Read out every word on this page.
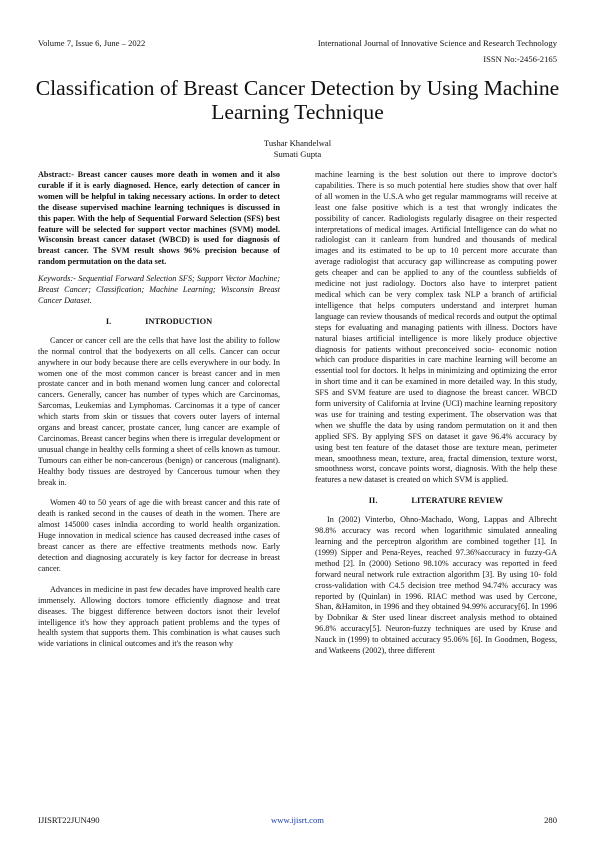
Volume 7, Issue 6, June – 2022	International Journal of Innovative Science and Research Technology
ISSN No:-2456-2165
Classification of Breast Cancer Detection by Using Machine Learning Technique
Tushar Khandelwal
Sumati Gupta

Abstract:- Breast cancer causes more death in women and it also curable if it is early diagnosed. Hence, early detection of cancer in women will be helpful in taking necessary actions. In order to detect the disease supervised machine learning techniques is discussed in this paper. With the help of Sequential Forward Selection (SFS) best feature will be selected for support vector machines (SVM) model. Wisconsin breast cancer dataset (WBCD) is used for diagnosis of breast cancer. The SVM result shows 96% precision because of random permutation on the data set.

Keywords:- Sequential Forward Selection SFS; Support Vector Machine; Breast Cancer; Classification; Machine Learning; Wisconsin Breast Cancer Dataset.

I.	INTRODUCTION

Cancer or cancer cell are the cells that have lost the ability to follow the normal control that the bodyexerts on all cells. Cancer can occur anywhere in our body because there are cells everywhere in our body. In women one of the most common cancer is breast cancer and in men prostate cancer and in both menand women lung cancer and colorectal cancers. Generally, cancer has number of types which are Carcinomas, Sarcomas, Leukemias and Lymphomas. Carcinomas it a type of cancer which starts from skin or tissues that covers outer layers of internal organs and breast cancer, prostate cancer, lung cancer are example of Carcinomas. Breast cancer begins when there is irregular development or unusual change in healthy cells forming a sheet of cells known as tumour. Tumours can either be non-cancerous (benign) or cancerous (malignant). Healthy body tissues are destroyed by Cancerous tumour when they break in.

Women 40 to 50 years of age die with breast cancer and this rate of death is ranked second in the causes of death in the women. There are almost 145000 cases inIndia according to world health organization. Huge innovation in medical science has caused decreased inthe cases of breast cancer as there are effective treatments methods now. Early detection and diagnosing accurately is key factor for decrease in breast cancer.

Advances in medicine in past few decades have improved health care immensely. Allowing doctors tomore efficiently diagnose and treat diseases. The biggest difference between doctors isnot their levelof intelligence it's how they approach patient problems and the types of health system that supports them. This combination is what causes such wide variations in clinical outcomes and it's the reason why

machine learning is the best solution out there to improve doctor's capabilities. There is so much potential here studies show that over half of all women in the U.S.A who get regular mammograms will receive at least one false positive which is a test that wrongly indicates the possibility of cancer. Radiologists regularly disagree on their respected interpretations of medical images. Artificial Intelligence can do what no radiologist can it canlearn from hundred and thousands of medical images and its estimated to be up to 10 percent more accurate than average radiologist that accuracy gap willincrease as computing power gets cheaper and can be applied to any of the countless subfields of medicine not just radiology. Doctors also have to interpret patient medical which can be very complex task NLP a branch of artificial intelligence that helps computers understand and interpret human language can review thousands of medical records and output the optimal steps for evaluating and managing patients with illness. Doctors have natural biases artificial intelligence is more likely produce objective diagnosis for patients without preconceived socio- economic notion which can produce disparities in care machine learning will become an essential tool for doctors. It helps in minimizing and optimizing the error in short time and it can be examined in more detailed way. In this study, SFS and SVM feature are used to diagnose the breast cancer. WBCD form university of California at Irvine (UCI) machine learning repository was use for training and testing experiment. The observation was that when we shuffle the data by using random permutation on it and then applied SFS. By applying SFS on dataset it gave 96.4% accuracy by using best ten feature of the dataset those are texture mean, perimeter mean, smoothness mean, texture, area, fractal dimension, texture worst, smoothness worst, concave points worst, diagnosis. With the help these features a new dataset is created on which SVM is applied.

II.	LITERATURE REVIEW

In (2002) Vinterbo, Ohno-Machado, Wong, Lappas and Albrecht 98.8% accuracy was record when logarithmic simulated annealing learning and the perceptron algorithm are combined together [1]. In (1999) Sipper and Pena-Reyes, reached 97.36%accuracy in fuzzy-GA method [2]. In (2000) Setiono 98.10% accuracy was reported in feed forward neural network rule extraction algorithm [3]. By using 10- fold cross-validation with C4.5 decision tree method 94.74% accuracy was reported by (Quinlan) in 1996. RIAC method was used by Cercone, Shan, &Hamiton, in 1996 and they obtained 94.99% accuracy[6]. In 1996 by Dobnikar & Ster used linear discreet analysis method to obtained 96.8% accuracy[5]. Neuron-fuzzy techniques are used by Kruse and Nauck in (1999) to obtained accuracy 95.06% [6]. In Goodmen, Bogess, and Watkeens (2002), three different

IJISRT22JUN490	www.ijisrt.com	280
